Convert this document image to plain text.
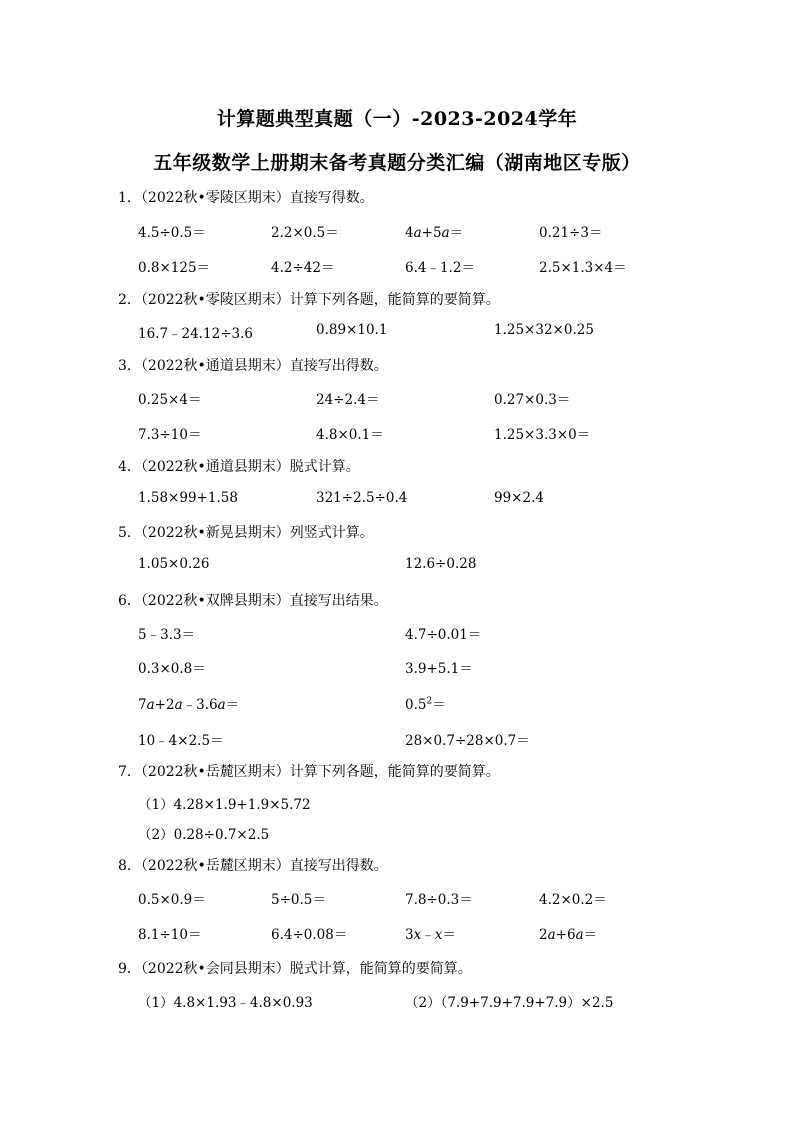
计算题典型真题（一）-2023-2024学年
五年级数学上册期末备考真题分类汇编（湖南地区专版）
1．（2022秋•零陵区期末）直接写得数。
4.5÷0.5＝	2.2×0.5＝	4a+5a＝	0.21÷3＝
0.8×125＝	4.2÷42＝	6.4﹣1.2＝	2.5×1.3×4＝
2．（2022秋•零陵区期末）计算下列各题，能简算的要简算。
16.7﹣24.12÷3.6	0.89×10.1	1.25×32×0.25
3．（2022秋•通道县期末）直接写出得数。
0.25×4＝	24÷2.4＝	0.27×0.3＝
7.3÷10＝	4.8×0.1＝	1.25×3.3×0＝
4．（2022秋•通道县期末）脱式计算。
1.58×99+1.58	321÷2.5÷0.4	99×2.4
5．（2022秋•新晃县期末）列竖式计算。
1.05×0.26	12.6÷0.28
6．（2022秋•双牌县期末）直接写出结果。
5﹣3.3＝	4.7÷0.01＝
0.3×0.8＝	3.9+5.1＝
7a+2a﹣3.6a＝	$0.5^2=$
10﹣4×2.5＝	28×0.7÷28×0.7＝
7．（2022秋•岳麓区期末）计算下列各题，能简算的要简算。
（1）4.28×1.9+1.9×5.72
（2）0.28÷0.7×2.5
8．（2022秋•岳麓区期末）直接写出得数。
0.5×0.9＝	5÷0.5＝	7.8÷0.3＝	4.2×0.2＝
8.1÷10＝	6.4÷0.08＝	3x﹣x＝	2a+6a＝
9．（2022秋•会同县期末）脱式计算，能简算的要简算。
（1）4.8×1.93﹣4.8×0.93	（2）（7.9+7.9+7.9+7.9）×2.5
